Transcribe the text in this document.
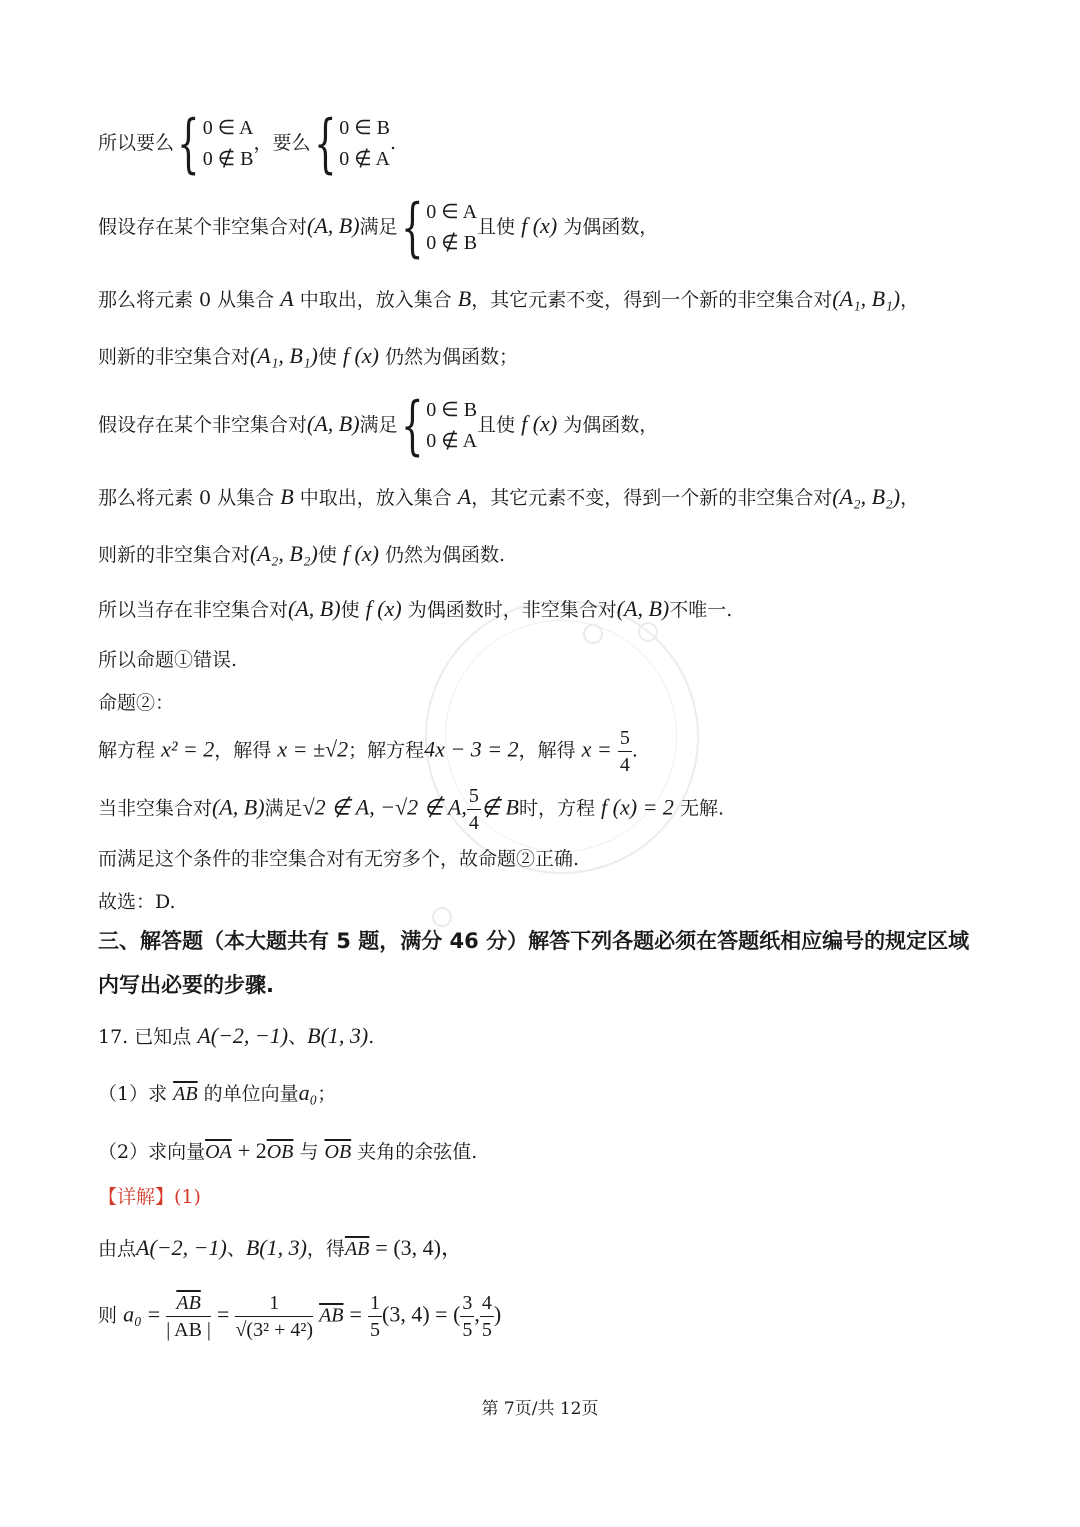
所以要么{ 0 ∈ A
0 ∉ B，要么{ 0 ∈ B
0 ∉ A.
假设存在某个非空集合对(A, B)满足{ 0 ∈ A
0 ∉ B且使 f (x) 为偶函数，
那么将元素 0 从集合 A 中取出，放入集合 B，其它元素不变，得到一个新的非空集合对(A₁, B₁)，
则新的非空集合对(A₁, B₁)使 f (x) 仍然为偶函数；
假设存在某个非空集合对(A, B)满足{ 0 ∈ B
0 ∉ A且使 f (x) 为偶函数，
那么将元素 0 从集合 B 中取出，放入集合 A，其它元素不变，得到一个新的非空集合对(A₂, B₂)，
则新的非空集合对(A₂, B₂)使 f (x) 仍然为偶函数.
所以当存在非空集合对(A, B)使 f (x) 为偶函数时，非空集合对(A, B)不唯一.
所以命题①错误.
命题②：
解方程 x² = 2，解得 x = ±√2；解方程4x − 3 = 2，解得 $x = \frac{5}{4}$ .
当非空集合对(A, B)满足√2 ∉ A, −√2 ∉ A, $\frac{5}{4}$ ∉ B时，方程 f (x) = 2 无解.
而满足这个条件的非空集合对有无穷多个，故命题②正确.
故选：D.
三、解答题（本大题共有 5 题，满分 46 分）解答下列各题必须在答题纸相应编号的规定区域
内写出必要的步骤.
17. 已知点 A(−2, −1)、B(1, 3).
（1）求 $\overline{AB}$ 的单位向量a₀；
（2）求向量$\overline{OA} + 2\overline{OB}$ 与 $\overline{OB}$ 夹角的余弦值.
【详解】(1)
由点A(−2, −1)、B(1, 3)，得$\overline{AB} = (3$, 4)，
则 $a_0 = \frac{\overline{AB}}{| AB |} = \frac{1}{\text{√(3² + 4²)}} \overline{AB} = \frac{1}{5} (3$, 4) = ( $\frac{3}{5}$ , $\frac{4}{5}$ )
第 7页/共 12页
